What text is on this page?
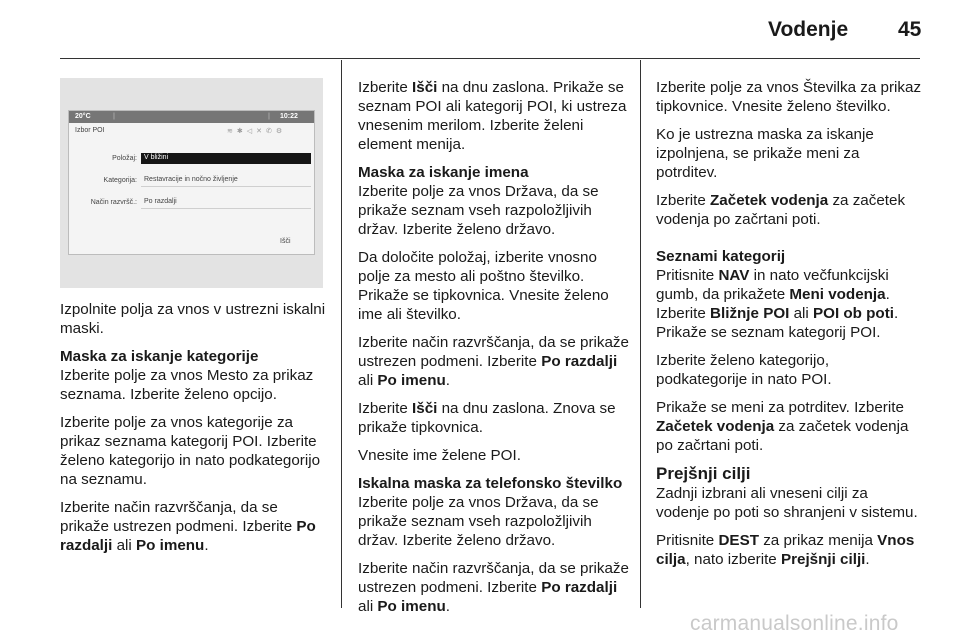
Vodenje 45
20°C	|	| 10:22
Izbor POI	≋✱◁✕✆⚙
Položaj: V bližini
Kategorija: Restavracije in nočno življenje
Način razvršč.: Po razdalji
Išči

Izpolnite polja za vnos v ustrezni iskalni maski.

Maska za iskanje kategorije
Izberite polje za vnos Mesto za prikaz seznama. Izberite želeno opcijo.

Izberite polje za vnos kategorije za prikaz seznama kategorij POI. Izberite želeno kategorijo in nato podkategorijo na seznamu.

Izberite način razvrščanja, da se prikaže ustrezen podmeni. Izberite Po razdalji ali Po imenu.

Izberite Išči na dnu zaslona. Prikaže se seznam POI ali kategorij POI, ki ustreza vnesenim merilom. Izberite želeni element menija.

Maska za iskanje imena
Izberite polje za vnos Država, da se prikaže seznam vseh razpoložljivih držav. Izberite želeno državo.

Da določite položaj, izberite vnosno polje za mesto ali poštno številko. Prikaže se tipkovnica. Vnesite želeno ime ali številko.

Izberite način razvrščanja, da se prikaže ustrezen podmeni. Izberite Po razdalji ali Po imenu.

Izberite Išči na dnu zaslona. Znova se prikaže tipkovnica.

Vnesite ime želene POI.

Iskalna maska za telefonsko številko
Izberite polje za vnos Država, da se prikaže seznam vseh razpoložljivih držav. Izberite želeno državo.

Izberite način razvrščanja, da se prikaže ustrezen podmeni. Izberite Po razdalji ali Po imenu.

Izberite polje za vnos Številka za prikaz tipkovnice. Vnesite želeno številko.

Ko je ustrezna maska za iskanje izpolnjena, se prikaže meni za potrditev.

Izberite Začetek vodenja za začetek vodenja po začrtani poti.

Seznami kategorij
Pritisnite NAV in nato večfunkcijski gumb, da prikažete Meni vodenja. Izberite Bližnje POI ali POI ob poti. Prikaže se seznam kategorij POI.

Izberite želeno kategorijo, podkategorije in nato POI.

Prikaže se meni za potrditev. Izberite Začetek vodenja za začetek vodenja po začrtani poti.

Prejšnji cilji
Zadnji izbrani ali vneseni cilji za vodenje po poti so shranjeni v sistemu.

Pritisnite DEST za prikaz menija Vnos cilja, nato izberite Prejšnji cilji.

carmanualsonline.info
